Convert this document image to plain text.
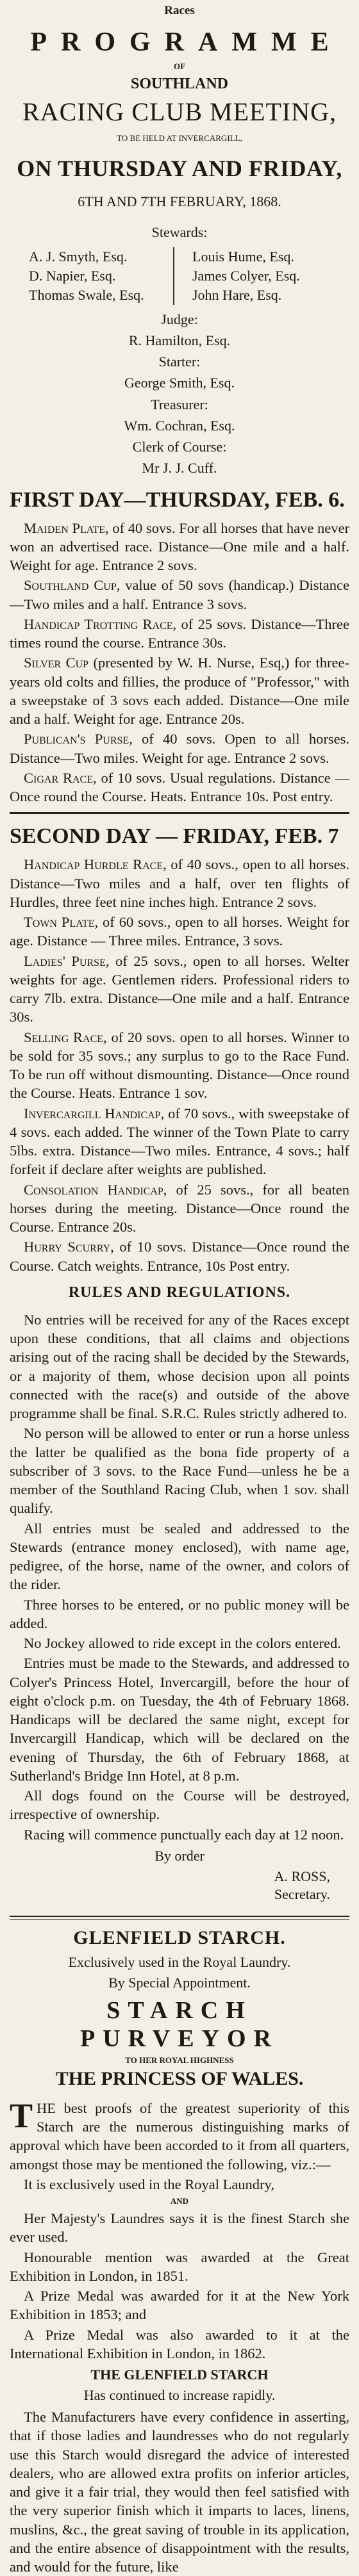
Races
PROGRAMME
OF
SOUTHLAND
RACING CLUB MEETING,
TO BE HELD AT INVERCARGILL,
ON THURSDAY AND FRIDAY,
6TH AND 7TH FEBRUARY, 1868.
Stewards:
A. J. Smyth, Esq.
D. Napier, Esq.
Thomas Swale, Esq.
Louis Hume, Esq.
James Colyer, Esq.
John Hare, Esq.
Judge:
R. Hamilton, Esq.
Starter:
George Smith, Esq.
Treasurer:
Wm. Cochran, Esq.
Clerk of Course:
Mr J. J. Cuff.
FIRST DAY—THURSDAY, FEB. 6.

Maiden Plate, of 40 sovs. For all horses that have never won an advertised race. Distance—One mile and a half. Weight for age. Entrance 2 sovs.

Southland Cup, value of 50 sovs (handicap.) Distance—Two miles and a half. Entrance 3 sovs.

Handicap Trotting Race, of 25 sovs. Distance—Three times round the course. Entrance 30s.

Silver Cup (presented by W. H. Nurse, Esq,) for three-years old colts and fillies, the produce of "Professor," with a sweepstake of 3 sovs each added. Distance—One mile and a half. Weight for age. Entrance 20s.

Publican's Purse, of 40 sovs. Open to all horses. Distance—Two miles. Weight for age. Entrance 2 sovs.

Cigar Race, of 10 sovs. Usual regulations. Distance — Once round the Course. Heats. Entrance 10s. Post entry.

SECOND DAY — FRIDAY, FEB. 7

Handicap Hurdle Race, of 40 sovs., open to all horses. Distance—Two miles and a half, over ten flights of Hurdles, three feet nine inches high. Entrance 2 sovs.

Town Plate, of 60 sovs., open to all horses. Weight for age. Distance — Three miles. Entrance, 3 sovs.

Ladies' Purse, of 25 sovs., open to all horses. Welter weights for age. Gentlemen riders. Professional riders to carry 7lb. extra. Distance—One mile and a half. Entrance 30s.

Selling Race, of 20 sovs. open to all horses. Winner to be sold for 35 sovs.; any surplus to go to the Race Fund. To be run off without dismounting. Distance—Once round the Course. Heats. Entrance 1 sov.

Invercargill Handicap, of 70 sovs., with sweepstake of 4 sovs. each added. The winner of the Town Plate to carry 5lbs. extra. Distance—Two miles. Entrance, 4 sovs.; half forfeit if declare after weights are published.

Consolation Handicap, of 25 sovs., for all beaten horses during the meeting. Distance—Once round the Course. Entrance 20s.

Hurry Scurry, of 10 sovs. Distance—Once round the Course. Catch weights. Entrance, 10s Post entry.

RULES AND REGULATIONS.

No entries will be received for any of the Races except upon these conditions, that all claims and objections arising out of the racing shall be decided by the Stewards, or a majority of them, whose decision upon all points connected with the race(s) and outside of the above programme shall be final. S.R.C. Rules strictly adhered to.

No person will be allowed to enter or run a horse unless the latter be qualified as the bona fide property of a subscriber of 3 sovs. to the Race Fund—unless he be a member of the Southland Racing Club, when 1 sov. shall qualify.

All entries must be sealed and addressed to the Stewards (entrance money enclosed), with name age, pedigree, of the horse, name of the owner, and colors of the rider.

Three horses to be entered, or no public money will be added.

No Jockey allowed to ride except in the colors entered.

Entries must be made to the Stewards, and addressed to Colyer's Princess Hotel, Invercargill, before the hour of eight o'clock p.m. on Tuesday, the 4th of February 1868. Handicaps will be declared the same night, except for Invercargill Handicap, which will be declared on the evening of Thursday, the 6th of February 1868, at Sutherland's Bridge Inn Hotel, at 8 p.m.

All dogs found on the Course will be destroyed, irrespective of ownership.

Racing will commence punctually each day at 12 noon.

By order
A. ROSS,
Secretary.
GLENFIELD STARCH.
Exclusively used in the Royal Laundry.
By Special Appointment.
STARCH PURVEYOR
TO HER ROYAL HIGHNESS
THE PRINCESS OF WALES.

THE best proofs of the greatest superiority of this Starch are the numerous distinguishing marks of approval which have been accorded to it from all quarters, amongst those may be mentioned the following, viz.:—

It is exclusively used in the Royal Laundry,

AND

Her Majesty's Laundres says it is the finest Starch she ever used.

Honourable mention was awarded at the Great Exhibition in London, in 1851.

A Prize Medal was awarded for it at the New York Exhibition in 1853; and

A Prize Medal was also awarded to it at the International Exhibition in London, in 1862.

THE GLENFIELD STARCH
Has continued to increase rapidly.

The Manufacturers have every confidence in asserting, that if those ladies and laundresses who do not regularly use this Starch would disregard the advice of interested dealers, who are allowed extra profits on inferior articles, and give it a fair trial, they would then feel satisfied with the very superior finish which it imparts to laces, linens, muslins, &c., the great saving of trouble in its application, and the entire absence of disappointment with the results, and would for the future, like
